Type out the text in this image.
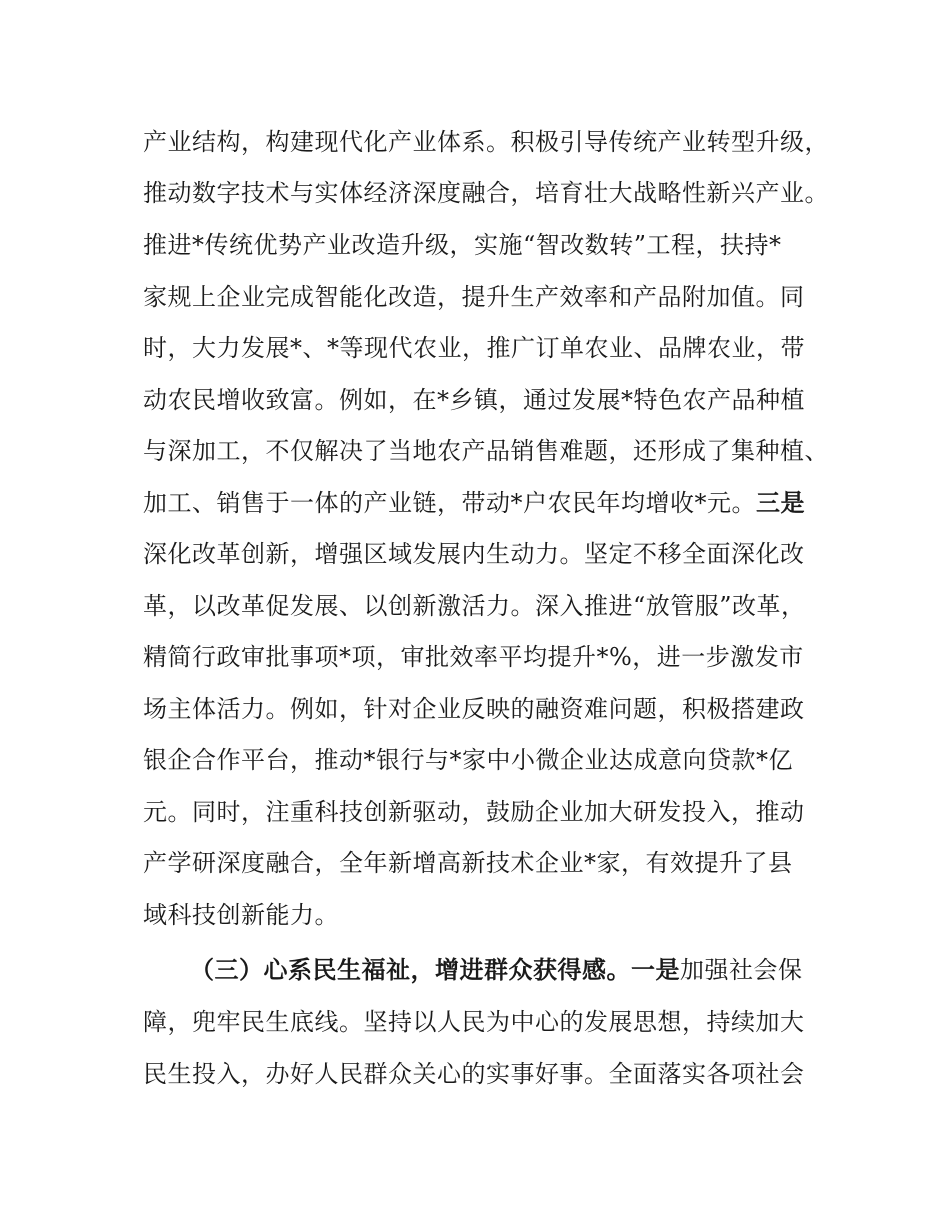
产业结构，构建现代化产业体系。积极引导传统产业转型升级，
推动数字技术与实体经济深度融合，培育壮大战略性新兴产业。
推进*传统优势产业改造升级，实施“智改数转”工程，扶持*
家规上企业完成智能化改造，提升生产效率和产品附加值。同
时，大力发展*、*等现代农业，推广订单农业、品牌农业，带
动农民增收致富。例如，在*乡镇，通过发展*特色农产品种植
与深加工，不仅解决了当地农产品销售难题，还形成了集种植、
加工、销售于一体的产业链，带动*户农民年均增收*元。三是
深化改革创新，增强区域发展内生动力。坚定不移全面深化改
革，以改革促发展、以创新激活力。深入推进“放管服”改革，
精简行政审批事项*项，审批效率平均提升*%，进一步激发市
场主体活力。例如，针对企业反映的融资难问题，积极搭建政
银企合作平台，推动*银行与*家中小微企业达成意向贷款*亿
元。同时，注重科技创新驱动，鼓励企业加大研发投入，推动
产学研深度融合，全年新增高新技术企业*家，有效提升了县
域科技创新能力。
（三）心系民生福祉，增进群众获得感。一是加强社会保
障，兜牢民生底线。坚持以人民为中心的发展思想，持续加大
民生投入，办好人民群众关心的实事好事。全面落实各项社会
